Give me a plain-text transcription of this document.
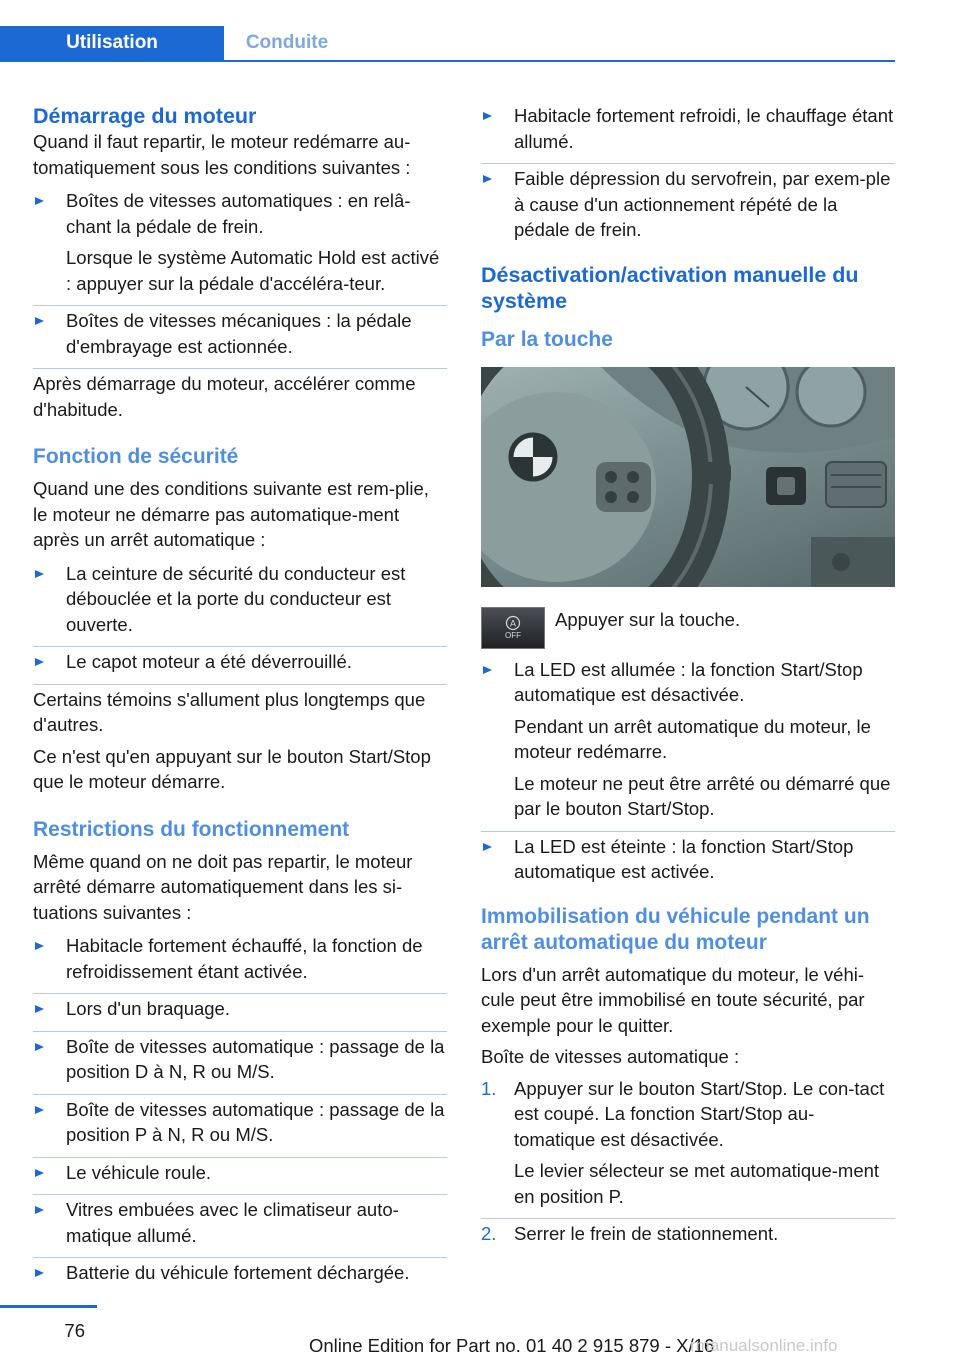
Utilisation	Conduite
Démarrage du moteur

Quand il faut repartir, le moteur redémarre au-tomatiquement sous les conditions suivantes :

Boîtes de vitesses automatiques : en relâ-chant la pédale de frein.

Lorsque le système Automatic Hold est activé : appuyer sur la pédale d'accéléra-teur.

Boîtes de vitesses mécaniques : la pédale d'embrayage est actionnée.

Après démarrage du moteur, accélérer comme d'habitude.

Fonction de sécurité

Quand une des conditions suivante est rem-plie, le moteur ne démarre pas automatique-ment après un arrêt automatique :

La ceinture de sécurité du conducteur est débouclée et la porte du conducteur est ouverte.

Le capot moteur a été déverrouillé.

Certains témoins s'allument plus longtemps que d'autres.

Ce n'est qu'en appuyant sur le bouton Start/Stop que le moteur démarre.

Restrictions du fonctionnement

Même quand on ne doit pas repartir, le moteur arrêté démarre automatiquement dans les si-tuations suivantes :

Habitacle fortement échauffé, la fonction de refroidissement étant activée.

Lors d'un braquage.

Boîte de vitesses automatique : passage de la position D à N, R ou M/S.

Boîte de vitesses automatique : passage de la position P à N, R ou M/S.

Le véhicule roule.

Vitres embuées avec le climatiseur auto-matique allumé.

Batterie du véhicule fortement déchargée.

Habitacle fortement refroidi, le chauffage étant allumé.

Faible dépression du servofrein, par exem-ple à cause d'un actionnement répété de la pédale de frein.

Désactivation/activation manuelle du système
Par la touche
A
OFF
Appuyer sur la touche.

La LED est allumée : la fonction Start/Stop automatique est désactivée.

Pendant un arrêt automatique du moteur, le moteur redémarre.

Le moteur ne peut être arrêté ou démarré que par le bouton Start/Stop.

La LED est éteinte : la fonction Start/Stop automatique est activée.

Immobilisation du véhicule pendant un arrêt automatique du moteur

Lors d'un arrêt automatique du moteur, le véhi-cule peut être immobilisé en toute sécurité, par exemple pour le quitter.

Boîte de vitesses automatique :

1. Appuyer sur le bouton Start/Stop. Le con-tact est coupé. La fonction Start/Stop au-tomatique est désactivée.

Le levier sélecteur se met automatique-ment en position P.

2. Serrer le frein de stationnement.

76
Online Edition for Part no. 01 40 2 915 879 - X/16
rmanualsonline.info
